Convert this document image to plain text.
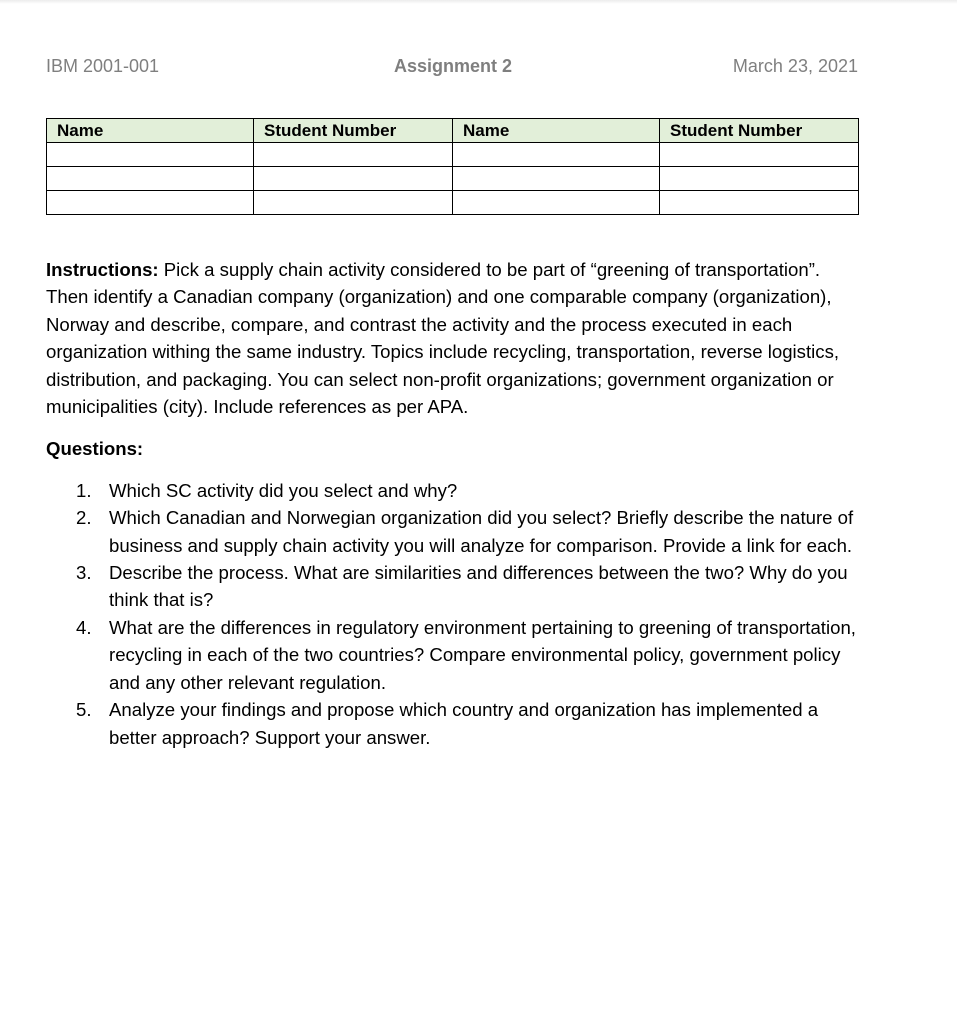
IBM 2001-001	Assignment 2	March 23, 2021
Name	Student Number	Name	Student Number

Instructions: Pick a supply chain activity considered to be part of “greening of transportation”. Then identify a Canadian company (organization) and one comparable company (organization), Norway and describe, compare, and contrast the activity and the process executed in each organization withing the same industry. Topics include recycling, transportation, reverse logistics, distribution, and packaging. You can select non-profit organizations; government organization or municipalities (city). Include references as per APA.

Questions:

1. Which SC activity did you select and why?
2. Which Canadian and Norwegian organization did you select? Briefly describe the nature of business and supply chain activity you will analyze for comparison. Provide a link for each.
3. Describe the process. What are similarities and differences between the two? Why do you think that is?
4. What are the differences in regulatory environment pertaining to greening of transportation, recycling in each of the two countries? Compare environmental policy, government policy and any other relevant regulation.
5. Analyze your findings and propose which country and organization has implemented a better approach? Support your answer.
